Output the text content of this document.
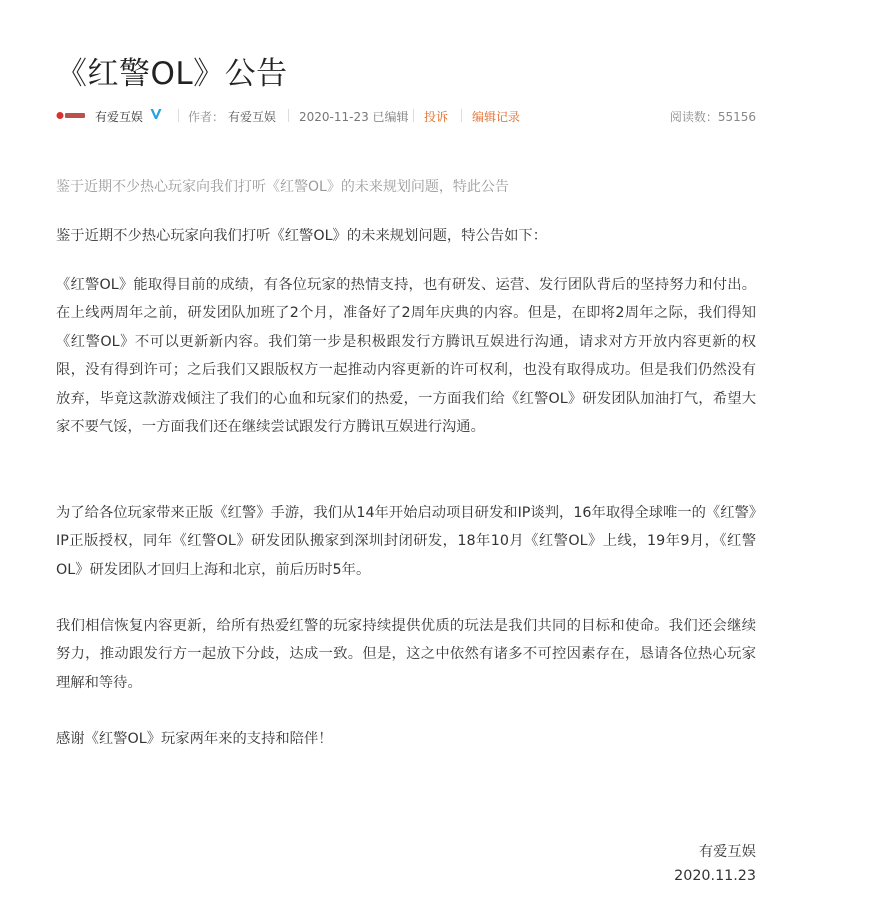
《红警OL》公告
有爱互娱	作者： 有爱互娱 2020-11-23 已编辑 投诉 编辑记录	阅读数：55156

鉴于近期不少热心玩家向我们打听《红警OL》的未来规划问题，特此公告

鉴于近期不少热心玩家向我们打听《红警OL》的未来规划问题，特公告如下：

《红警OL》能取得目前的成绩，有各位玩家的热情支持，也有研发、运营、发行团队背后的坚持努力和付出。在上线两周年之前，研发团队加班了2个月，准备好了2周年庆典的内容。但是，在即将2周年之际，我们得知《红警OL》不可以更新新内容。我们第一步是积极跟发行方腾讯互娱进行沟通，请求对方开放内容更新的权限，没有得到许可；之后我们又跟版权方一起推动内容更新的许可权利，也没有取得成功。但是我们仍然没有放弃，毕竟这款游戏倾注了我们的心血和玩家们的热爱，一方面我们给《红警OL》研发团队加油打气，希望大家不要气馁，一方面我们还在继续尝试跟发行方腾讯互娱进行沟通。

为了给各位玩家带来正版《红警》手游，我们从14年开始启动项目研发和IP谈判，16年取得全球唯一的《红警》IP正版授权，同年《红警OL》研发团队搬家到深圳封闭研发，18年10月《红警OL》上线，19年9月，《红警OL》研发团队才回归上海和北京，前后历时5年。

我们相信恢复内容更新，给所有热爱红警的玩家持续提供优质的玩法是我们共同的目标和使命。我们还会继续努力，推动跟发行方一起放下分歧，达成一致。但是，这之中依然有诸多不可控因素存在，恳请各位热心玩家理解和等待。

感谢《红警OL》玩家两年来的支持和陪伴！

有爱互娱
2020.11.23
